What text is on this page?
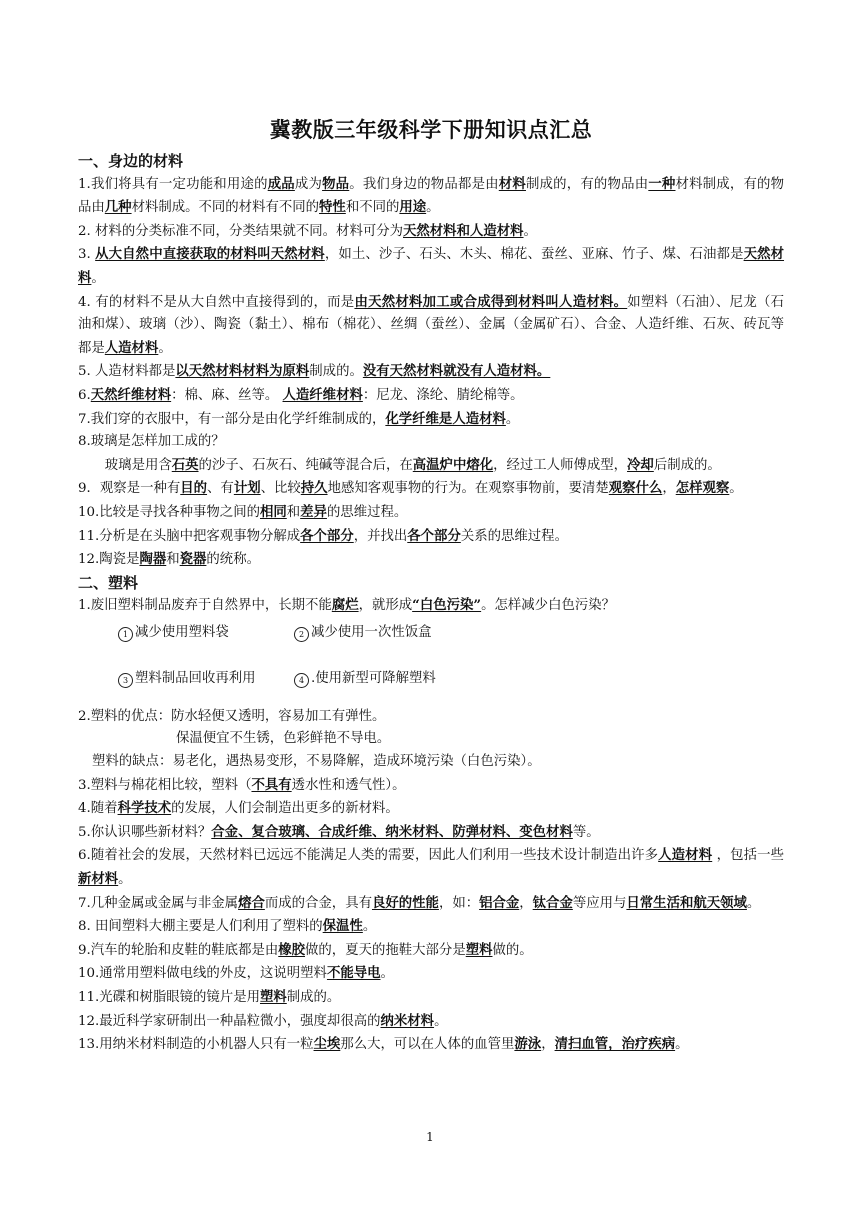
冀教版三年级科学下册知识点汇总
一、身边的材料

1.我们将具有一定功能和用途的成品成为物品。我们身边的物品都是由材料制成的，有的物品由一种材料制成，有的物品由几种材料制成。不同的材料有不同的特性和不同的用途。

2. 材料的分类标准不同，分类结果就不同。材料可分为天然材料和人造材料。

3. 从大自然中直接获取的材料叫天然材料，如土、沙子、石头、木头、棉花、蚕丝、亚麻、竹子、煤、石油都是天然材料。

4. 有的材料不是从大自然中直接得到的，而是由天然材料加工或合成得到材料叫人造材料。如塑料（石油）、尼龙（石油和煤）、玻璃（沙）、陶瓷（黏土）、棉布（棉花）、丝绸（蚕丝）、金属（金属矿石）、合金、人造纤维、石灰、砖瓦等都是人造材料。

5. 人造材料都是以天然材料材料为原料制成的。没有天然材料就没有人造材料。

6.天然纤维材料：棉、麻、丝等。 人造纤维材料：尼龙、涤纶、腈纶棉等。

7.我们穿的衣服中，有一部分是由化学纤维制成的，化学纤维是人造材料。

8.玻璃是怎样加工成的？

玻璃是用含石英的沙子、石灰石、纯碱等混合后，在高温炉中熔化，经过工人师傅成型，冷却后制成的。

9．观察是一种有目的、有计划、比较持久地感知客观事物的行为。在观察事物前，要清楚观察什么，怎样观察。

10.比较是寻找各种事物之间的相同和差异的思维过程。

11.分析是在头脑中把客观事物分解成各个部分，并找出各个部分关系的思维过程。

12.陶瓷是陶器和瓷器的统称。

二、塑料

1.废旧塑料制品废弃于自然界中，长期不能腐烂，就形成“白色污染”。怎样减少白色污染？

1 减少使用塑料袋	2 减少使用一次性饭盒
3 塑料制品回收再利用	4 .使用新型可降解塑料

2.塑料的优点：防水轻便又透明，容易加工有弹性。

保温便宜不生锈，色彩鲜艳不导电。

塑料的缺点：易老化，遇热易变形，不易降解，造成环境污染（白色污染）。

3.塑料与棉花相比较，塑料（不具有透水性和透气性）。

4.随着科学技术的发展，人们会制造出更多的新材料。

5.你认识哪些新材料？合金、复合玻璃、合成纤维、纳米材料、防弹材料、变色材料等。

6.随着社会的发展，天然材料已远远不能满足人类的需要，因此人们利用一些技术设计制造出许多人造材料 ，包括一些新材料。

7.几种金属或金属与非金属熔合而成的合金，具有良好的性能，如：铝合金，钛合金等应用与日常生活和航天领域。

8. 田间塑料大棚主要是人们利用了塑料的保温性。

9.汽车的轮胎和皮鞋的鞋底都是由橡胶做的，夏天的拖鞋大部分是塑料做的。

10.通常用塑料做电线的外皮，这说明塑料不能导电。

11.光碟和树脂眼镜的镜片是用塑料制成的。

12.最近科学家研制出一种晶粒微小，强度却很高的纳米材料。

13.用纳米材料制造的小机器人只有一粒尘埃那么大，可以在人体的血管里游泳，清扫血管，治疗疾病。

1
